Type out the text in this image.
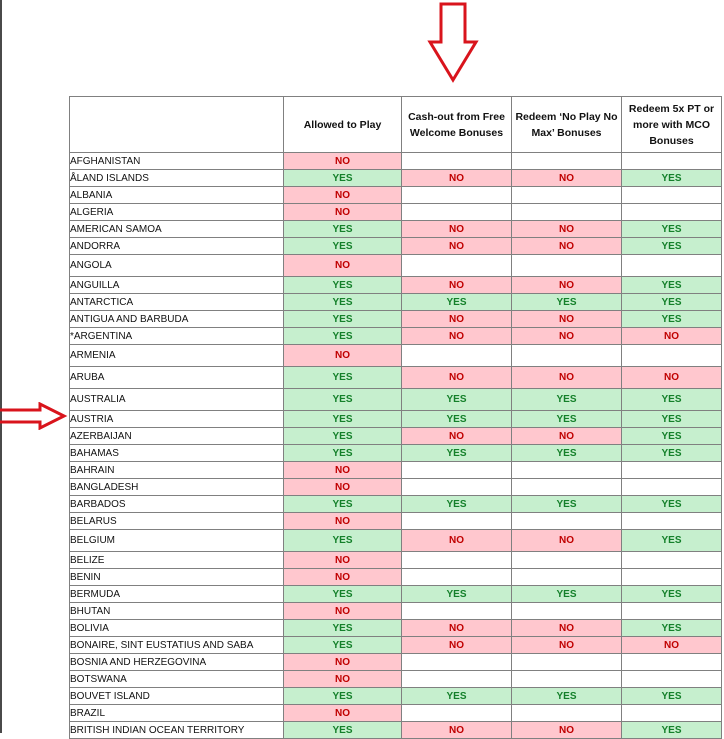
	Allowed to Play	Cash-out from Free Welcome Bonuses	Redeem ‘No Play No Max’ Bonuses	Redeem 5x PT or more with MCO Bonuses
AFGHANISTAN	NO			
ÅLAND ISLANDS	YES	NO	NO	YES
ALBANIA	NO			
ALGERIA	NO			
AMERICAN SAMOA	YES	NO	NO	YES
ANDORRA	YES	NO	NO	YES
ANGOLA	NO			
ANGUILLA	YES	NO	NO	YES
ANTARCTICA	YES	YES	YES	YES
ANTIGUA AND BARBUDA	YES	NO	NO	YES
*ARGENTINA	YES	NO	NO	NO
ARMENIA	NO			
ARUBA	YES	NO	NO	NO
AUSTRALIA	YES	YES	YES	YES
AUSTRIA	YES	YES	YES	YES
AZERBAIJAN	YES	NO	NO	YES
BAHAMAS	YES	YES	YES	YES
BAHRAIN	NO			
BANGLADESH	NO			
BARBADOS	YES	YES	YES	YES
BELARUS	NO			
BELGIUM	YES	NO	NO	YES
BELIZE	NO			
BENIN	NO			
BERMUDA	YES	YES	YES	YES
BHUTAN	NO			
BOLIVIA	YES	NO	NO	YES
BONAIRE, SINT EUSTATIUS AND SABA	YES	NO	NO	NO
BOSNIA AND HERZEGOVINA	NO			
BOTSWANA	NO			
BOUVET ISLAND	YES	YES	YES	YES
BRAZIL	NO			
BRITISH INDIAN OCEAN TERRITORY	YES	NO	NO	YES
